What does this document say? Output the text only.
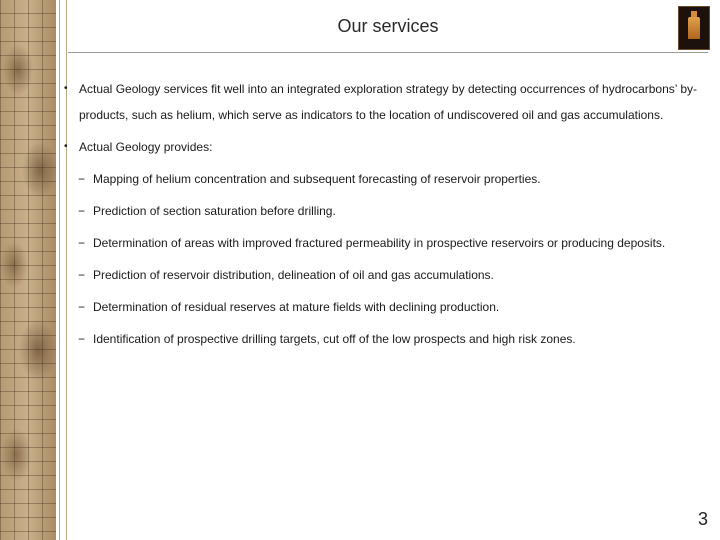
Our services
• Actual Geology services fit well into an integrated exploration strategy by detecting occurrences of hydrocarbons’ by-products, such as helium, which serve as indicators to the location of undiscovered oil and gas accumulations.
• Actual Geology provides:
− Mapping of helium concentration and subsequent forecasting of reservoir properties.
− Prediction of section saturation before drilling.
− Determination of areas with improved fractured permeability in prospective reservoirs or producing deposits.
− Prediction of reservoir distribution, delineation of oil and gas accumulations.
− Determination of residual reserves at mature fields with declining production.
− Identification of prospective drilling targets, cut off of the low prospects and high risk zones.
3
